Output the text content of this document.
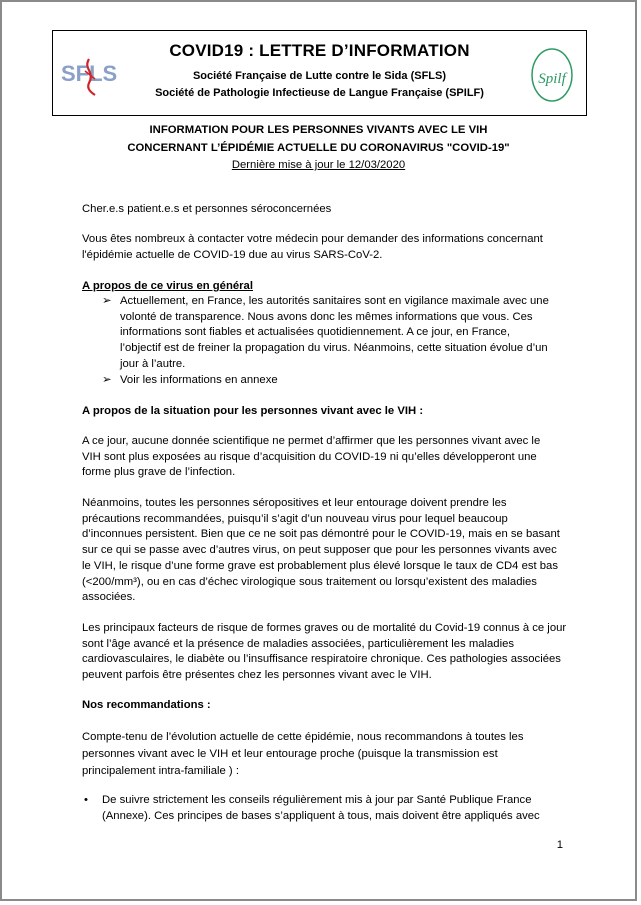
SFLS
COVID19 : LETTRE D’INFORMATION
Société Française de Lutte contre le Sida (SFLS)
Société de Pathologie Infectieuse de Langue Française (SPILF)
Spilf
INFORMATION POUR LES PERSONNES VIVANTS AVEC LE VIH
CONCERNANT L’ÉPIDÉMIE ACTUELLE DU CORONAVIRUS "COVID-19"
Dernière mise à jour le 12/03/2020
Cher.e.s patient.e.s et personnes séroconcernées
Vous êtes nombreux à contacter votre médecin pour demander des informations concernant
l'épidémie actuelle de COVID-19 due au virus SARS-CoV-2.
A propos de ce virus en général
➢ Actuellement, en France, les autorités sanitaires sont en vigilance maximale avec une
volonté de transparence. Nous avons donc les mêmes informations que vous. Ces
informations sont fiables et actualisées quotidiennement. A ce jour, en France,
l’objectif est de freiner la propagation du virus. Néanmoins, cette situation évolue d’un
jour à l’autre.
➢ Voir les informations en annexe
A propos de la situation pour les personnes vivant avec le VIH :
A ce jour, aucune donnée scientifique ne permet d’affirmer que les personnes vivant avec le
VIH sont plus exposées au risque d’acquisition du COVID-19 ni qu’elles développeront une
forme plus grave de l’infection.
Néanmoins, toutes les personnes séropositives et leur entourage doivent prendre les
précautions recommandées, puisqu’il s’agit d’un nouveau virus pour lequel beaucoup
d’inconnues persistent. Bien que ce ne soit pas démontré pour le COVID-19, mais en se basant
sur ce qui se passe avec d’autres virus, on peut supposer que pour les personnes vivants avec
le VIH, le risque d’une forme grave est probablement plus élevé lorsque le taux de CD4 est bas
(<200/mm³), ou en cas d’échec virologique sous traitement ou lorsqu’existent des maladies
associées.
Les principaux facteurs de risque de formes graves ou de mortalité du Covid-19 connus à ce jour
sont l’âge avancé et la présence de maladies associées, particulièrement les maladies
cardiovasculaires, le diabète ou l’insuffisance respiratoire chronique. Ces pathologies associées
peuvent parfois être présentes chez les personnes vivant avec le VIH.
Nos recommandations :
Compte-tenu de l’évolution actuelle de cette épidémie, nous recommandons à toutes les
personnes vivant avec le VIH et leur entourage proche (puisque la transmission est
principalement intra-familiale ) :
• De suivre strictement les conseils régulièrement mis à jour par Santé Publique France
(Annexe). Ces principes de bases s’appliquent à tous, mais doivent être appliqués avec
1
